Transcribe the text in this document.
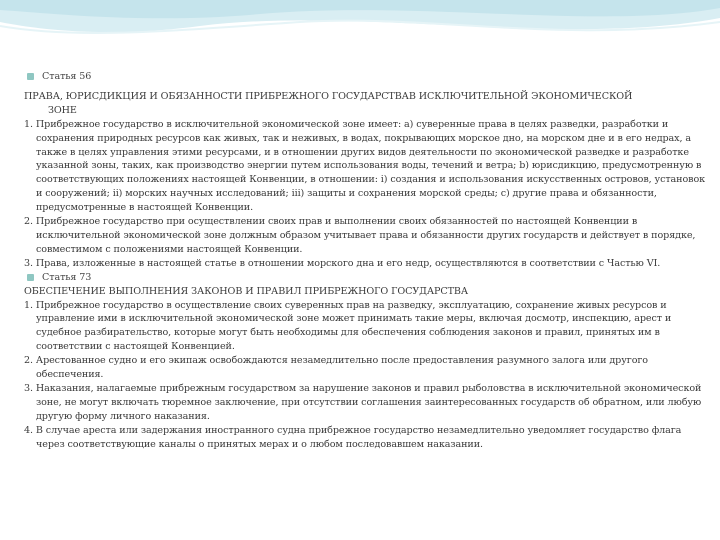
Статья 56
ПРАВА, ЮРИСДИКЦИЯ И ОБЯЗАННОСТИ ПРИБРЕЖНОГО ГОСУДАРСТВАВ ИСКЛЮЧИТЕЛЬНОЙ ЭКОНОМИЧЕСКОЙ
ЗОНЕ
1. Прибрежное государство в исключительной экономической зоне имеет: a) суверенные права в целях разведки, разработки и сохранения природных ресурсов как живых, так и неживых, в водах, покрывающих морское дно, на морском дне и в его недрах, а также в целях управления этими ресурсами, и в отношении других видов деятельности по экономической разведке и разработке указанной зоны, таких, как производство энергии путем использования воды, течений и ветра; b) юрисдикцию, предусмотренную в соответствующих положениях настоящей Конвенции, в отношении: i) создания и использования искусственных островов, установок и сооружений; ii) морских научных исследований; iii) защиты и сохранения морской среды; c) другие права и обязанности, предусмотренные в настоящей Конвенции.
2. Прибрежное государство при осуществлении своих прав и выполнении своих обязанностей по настоящей Конвенции в исключительной экономической зоне должным образом учитывает права и обязанности других государств и действует в порядке, совместимом с положениями настоящей Конвенции.
3. Права, изложенные в настоящей статье в отношении морского дна и его недр, осуществляются в соответствии с Частью VI.
Статья 73
ОБЕСПЕЧЕНИЕ ВЫПОЛНЕНИЯ ЗАКОНОВ И ПРАВИЛ ПРИБРЕЖНОГО ГОСУДАРСТВА
1. Прибрежное государство в осуществление своих суверенных прав на разведку, эксплуатацию, сохранение живых ресурсов и управление ими в исключительной экономической зоне может принимать такие меры, включая досмотр, инспекцию, арест и судебное разбирательство, которые могут быть необходимы для обеспечения соблюдения законов и правил, принятых им в соответствии с настоящей Конвенцией.
2. Арестованное судно и его экипаж освобождаются незамедлительно после предоставления разумного залога или другого обеспечения.
3. Наказания, налагаемые прибрежным государством за нарушение законов и правил рыболовства в исключительной экономической зоне, не могут включать тюремное заключение, при отсутствии соглашения заинтересованных государств об обратном, или любую другую форму личного наказания.
4. В случае ареста или задержания иностранного судна прибрежное государство незамедлительно уведомляет государство флага через соответствующие каналы о принятых мерах и о любом последовавшем наказании.
